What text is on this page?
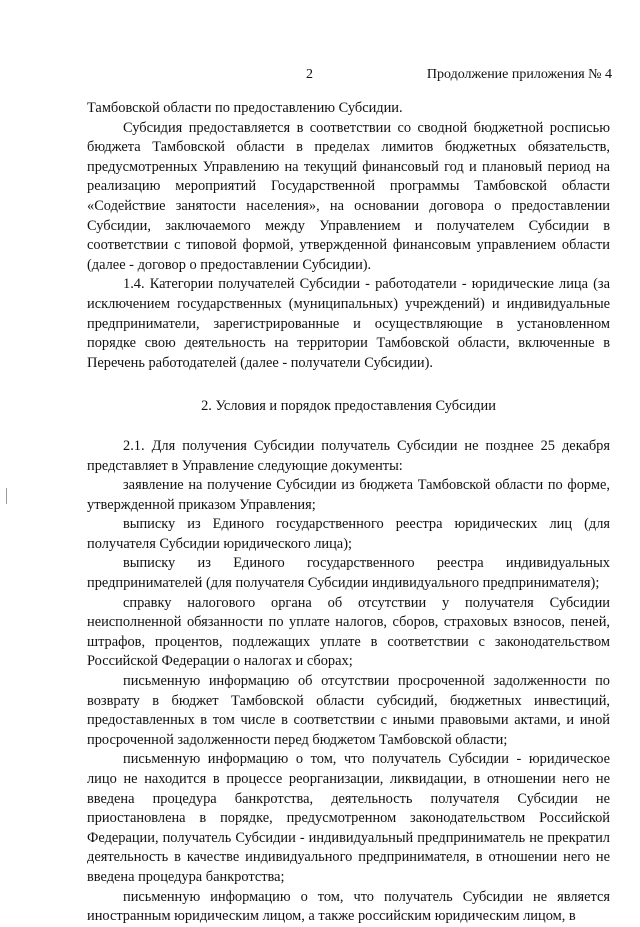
2	Продолжение приложения № 4

Тамбовской области по предоставлению Субсидии.

Субсидия предоставляется в соответствии со сводной бюджетной росписью бюджета Тамбовской области в пределах лимитов бюджетных обязательств, предусмотренных Управлению на текущий финансовый год и плановый период на реализацию мероприятий Государственной программы Тамбовской области «Содействие занятости населения», на основании договора о предоставлении Субсидии, заключаемого между Управлением и получателем Субсидии в соответствии с типовой формой, утвержденной финансовым управлением области (далее - договор о предоставлении Субсидии).

1.4. Категории получателей Субсидии - работодатели - юридические лица (за исключением государственных (муниципальных) учреждений) и индивидуальные предприниматели, зарегистрированные и осуществляющие в установленном порядке свою деятельность на территории Тамбовской области, включенные в Перечень работодателей (далее - получатели Субсидии).

2. Условия и порядок предоставления Субсидии

2.1. Для получения Субсидии получатель Субсидии не позднее 25 декабря представляет в Управление следующие документы:

заявление на получение Субсидии из бюджета Тамбовской области по форме, утвержденной приказом Управления;

выписку из Единого государственного реестра юридических лиц (для получателя Субсидии юридического лица);

выписку из Единого государственного реестра индивидуальных предпринимателей (для получателя Субсидии индивидуального предпринимателя);

справку налогового органа об отсутствии у получателя Субсидии неисполненной обязанности по уплате налогов, сборов, страховых взносов, пеней, штрафов, процентов, подлежащих уплате в соответствии с законодательством Российской Федерации о налогах и сборах;

письменную информацию об отсутствии просроченной задолженности по возврату в бюджет Тамбовской области субсидий, бюджетных инвестиций, предоставленных в том числе в соответствии с иными правовыми актами, и иной просроченной задолженности перед бюджетом Тамбовской области;

письменную информацию о том, что получатель Субсидии - юридическое лицо не находится в процессе реорганизации, ликвидации, в отношении него не введена процедура банкротства, деятельность получателя Субсидии не приостановлена в порядке, предусмотренном законодательством Российской Федерации, получатель Субсидии - индивидуальный предприниматель не прекратил деятельность в качестве индивидуального предпринимателя, в отношении него не введена процедура банкротства;

письменную информацию о том, что получатель Субсидии не является иностранным юридическим лицом, а также российским юридическим лицом, в
